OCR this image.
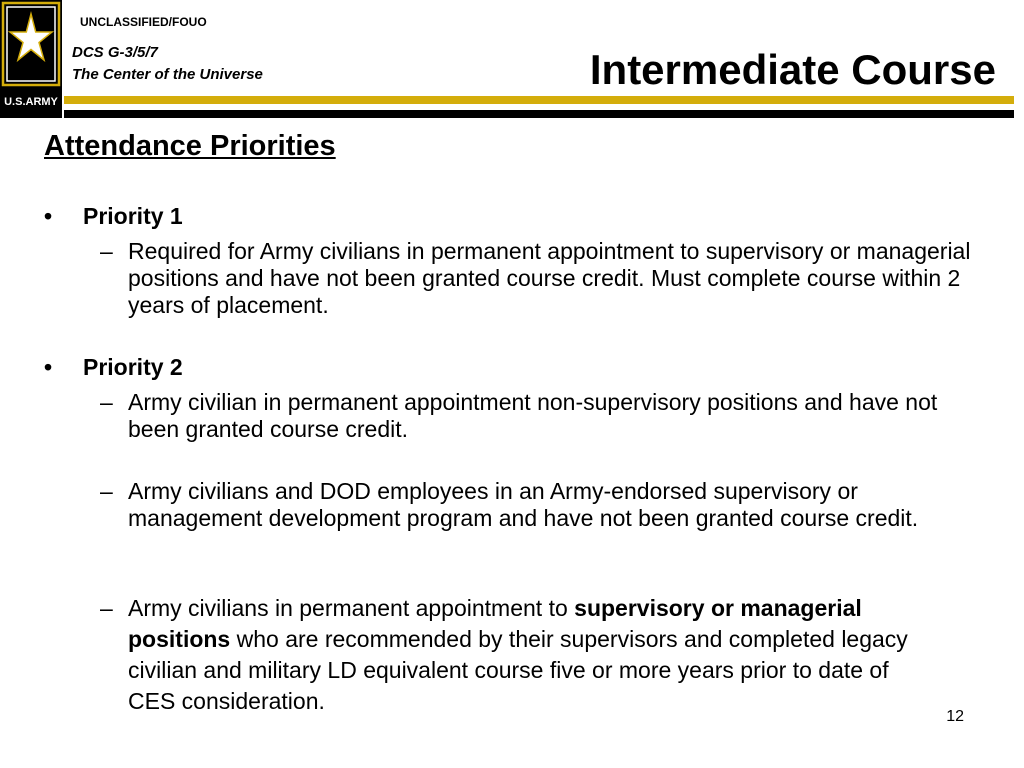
U.S.ARMY
UNCLASSIFIED/FOUO
DCS G-3/5/7
The Center of the Universe	Intermediate Course
Attendance Priorities
• Priority 1
– Required for Army civilians in permanent appointment to supervisory or managerial positions and have not been granted course credit. Must complete course within 2 years of placement.
• Priority 2
– Army civilian in permanent appointment non-supervisory positions and have not been granted course credit.
– Army civilians and DOD employees in an Army-endorsed supervisory or management development program and have not been granted course credit.
– Army civilians in permanent appointment to supervisory or managerial positions who are recommended by their supervisors and completed legacy civilian and military LD equivalent course five or more years prior to date of CES consideration.
12
